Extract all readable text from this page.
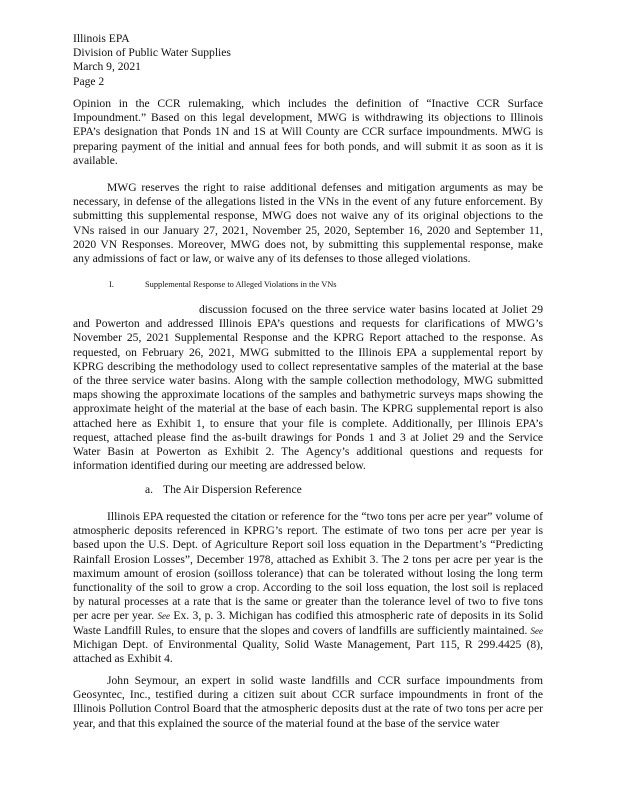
Illinois EPA
Division of Public Water Supplies
March 9, 2021
Page 2

Opinion in the CCR rulemaking, which includes the definition of “Inactive CCR Surface Impoundment.” Based on this legal development, MWG is withdrawing its objections to Illinois EPA’s designation that Ponds 1N and 1S at Will County are CCR surface impoundments. MWG is preparing payment of the initial and annual fees for both ponds, and will submit it as soon as it is available.

MWG reserves the right to raise additional defenses and mitigation arguments as may be necessary, in defense of the allegations listed in the VNs in the event of any future enforcement. By submitting this supplemental response, MWG does not waive any of its original objections to the VNs raised in our January 27, 2021, November 25, 2020, September 16, 2020 and September 11, 2020 VN Responses. Moreover, MWG does not, by submitting this supplemental response, make any admissions of fact or law, or waive any of its defenses to those alleged violations.

I.	Supplemental Response to Alleged Violations in the VNs

discussion focused on the three service water basins located at Joliet 29 and Powerton and addressed Illinois EPA’s questions and requests for clarifications of MWG’s November 25, 2021 Supplemental Response and the KPRG Report attached to the response. As requested, on February 26, 2021, MWG submitted to the Illinois EPA a supplemental report by KPRG describing the methodology used to collect representative samples of the material at the base of the three service water basins. Along with the sample collection methodology, MWG submitted maps showing the approximate locations of the samples and bathymetric surveys maps showing the approximate height of the material at the base of each basin. The KPRG supplemental report is also attached here as Exhibit 1, to ensure that your file is complete. Additionally, per Illinois EPA’s request, attached please find the as-built drawings for Ponds 1 and 3 at Joliet 29 and the Service Water Basin at Powerton as Exhibit 2. The Agency’s additional questions and requests for information identified during our meeting are addressed below.

a. The Air Dispersion Reference

Illinois EPA requested the citation or reference for the “two tons per acre per year” volume of atmospheric deposits referenced in KPRG’s report. The estimate of two tons per acre per year is based upon the U.S. Dept. of Agriculture Report soil loss equation in the Department’s “Predicting Rainfall Erosion Losses”, December 1978, attached as Exhibit 3. The 2 tons per acre per year is the maximum amount of erosion (soilloss tolerance) that can be tolerated without losing the long term functionality of the soil to grow a crop. According to the soil loss equation, the lost soil is replaced by natural processes at a rate that is the same or greater than the tolerance level of two to five tons per acre per year. See Ex. 3, p. 3. Michigan has codified this atmospheric rate of deposits in its Solid Waste Landfill Rules, to ensure that the slopes and covers of landfills are sufficiently maintained. See Michigan Dept. of Environmental Quality, Solid Waste Management, Part 115, R 299.4425 (8), attached as Exhibit 4.

John Seymour, an expert in solid waste landfills and CCR surface impoundments from Geosyntec, Inc., testified during a citizen suit about CCR surface impoundments in front of the Illinois Pollution Control Board that the atmospheric deposits dust at the rate of two tons per acre per year, and that this explained the source of the material found at the base of the service water
